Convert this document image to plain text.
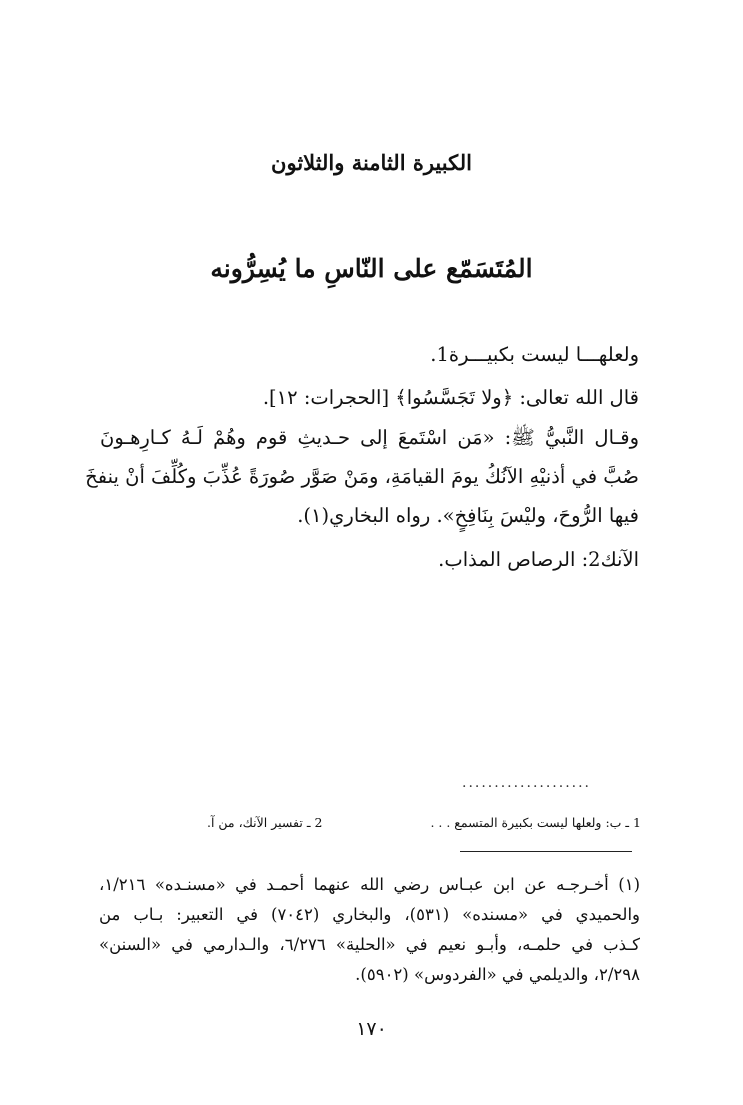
الكبيرة الثامنة والثلاثون
المُتَسَمّع على النّاسِ ما يُسِرُّونه
ولعلهـــا ليست بكبيـــرة1.
قال الله تعالى: ﴿ولا تَجَسَّسُوا﴾ [الحجرات: ١٢].
وقـال النَّبيُّ ﷺ: «مَن اسْتَمعَ إلى حـديثِ قوم وهُمْ لَـهُ كـارِهـونَ
صُبَّ في أذنيْهِ الآنُكُ يومَ القيامَةِ، ومَنْ صَوَّر صُورَةً عُذِّبَ وكُلِّفَ أنْ ينفخَ
فيها الرُّوحَ، وليْسَ بِنَافِخٍ». رواه البخاري(١).
الآنك2: الرصاص المذاب.
....................
1 ـ ب: ولعلها ليست بكبيرة المتسمع . . .
2 ـ تفسير الآنك، من آ.
(١) أخـرجـه عن ابن عبـاس رضي الله عنهما أحمـد في «مسنـده» ١/٢١٦،
والحميدي في «مسنده» (٥٣١)، والبخاري (٧٠٤٢) في التعبير: بـاب من
كـذب في حلمـه، وأبـو نعيم في «الحلية» ٦/٢٧٦، والـدارمي في «السنن»
٢/٢٩٨، والديلمي في «الفردوس» (٥٩٠٢).
١٧٠
